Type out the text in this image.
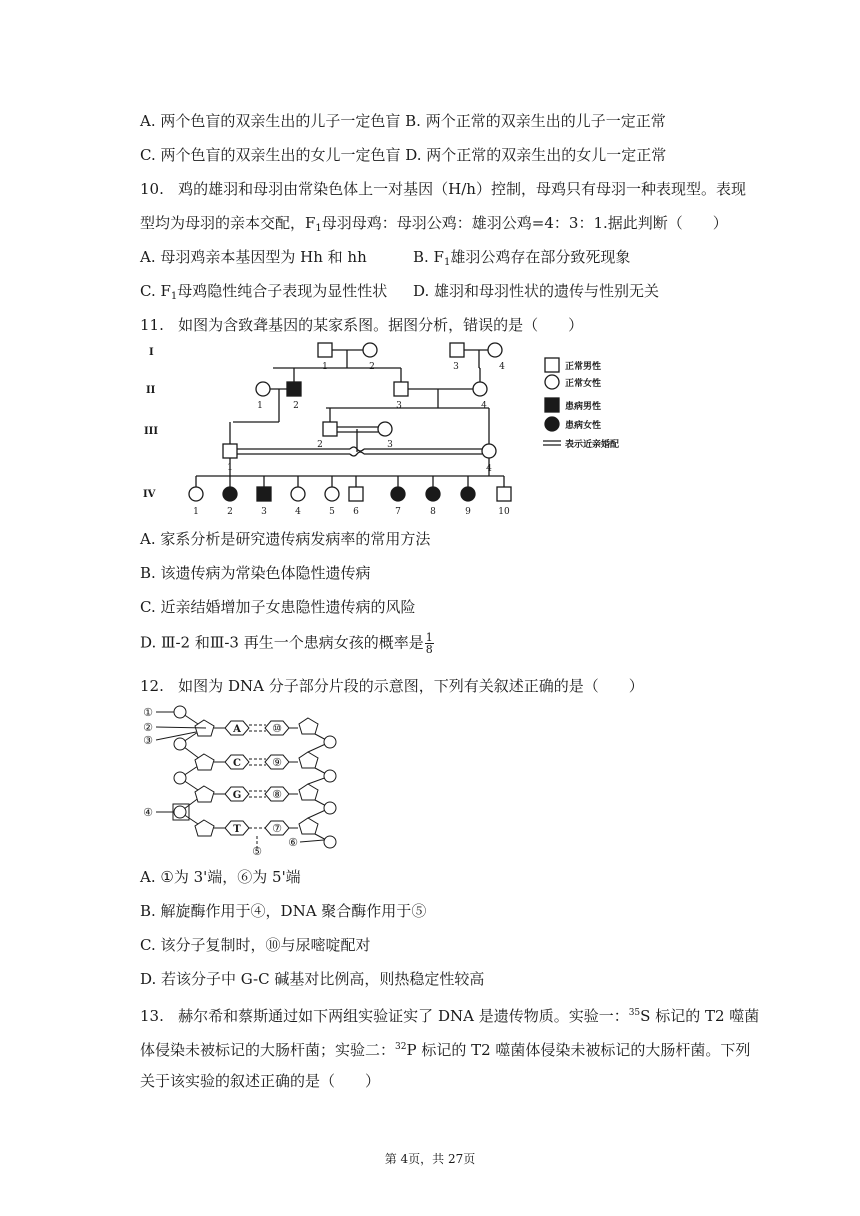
A. 两个色盲的双亲生出的儿子一定色盲 B. 两个正常的双亲生出的儿子一定正常
C. 两个色盲的双亲生出的女儿一定色盲 D. 两个正常的双亲生出的女儿一定正常
10. 鸡的雄羽和母羽由常染色体上一对基因（H/h）控制，母鸡只有母羽一种表现型。表现
型均为母羽的亲本交配，$F_1$母羽母鸡：母羽公鸡：雄羽公鸡=4：3：1.据此判断（　　）
A. 母羽鸡亲本基因型为 Hh 和 hh	B. $F_1$雄羽公鸡存在部分致死现象
C. $F_1$母鸡隐性纯合子表现为显性性状 D. 雄羽和母羽性状的遗传与性别无关
11. 如图为含致聋基因的某家系图。据图分析，错误的是（　　）
I
II
III
IV
1	2	3	4
1	2	3	4
2	3
1	4
1	2	3	4	5 6	7	8	9	10
正常男性
正常女性
患病男性
患病女性
表示近亲婚配
A. 家系分析是研究遗传病发病率的常用方法
B. 该遗传病为常染色体隐性遗传病
C. 近亲结婚增加子女患隐性遗传病的风险
D. Ⅲ-2 和Ⅲ-3 再生一个患病女孩的概率是 $\frac{1}{8}$
12. 如图为 DNA 分子部分片段的示意图，下列有关叙述正确的是（　　）
①
②
③
④
⑤
⑥
⑦
⑧
⑨
⑩
A
C
G
T
A. ①为 3'端，⑥为 5'端
B. 解旋酶作用于④，DNA 聚合酶作用于⑤
C. 该分子复制时，⑩与尿嘧啶配对
D. 若该分子中 G-C 碱基对比例高，则热稳定性较高
13. 赫尔希和蔡斯通过如下两组实验证实了 DNA 是遗传物质。实验一：$^{35}$S 标记的 T2 噬菌
体侵染未被标记的大肠杆菌；实验二：$^{32}$P 标记的 T2 噬菌体侵染未被标记的大肠杆菌。下列
关于该实验的叙述正确的是（　　）
第 4页，共 27页
